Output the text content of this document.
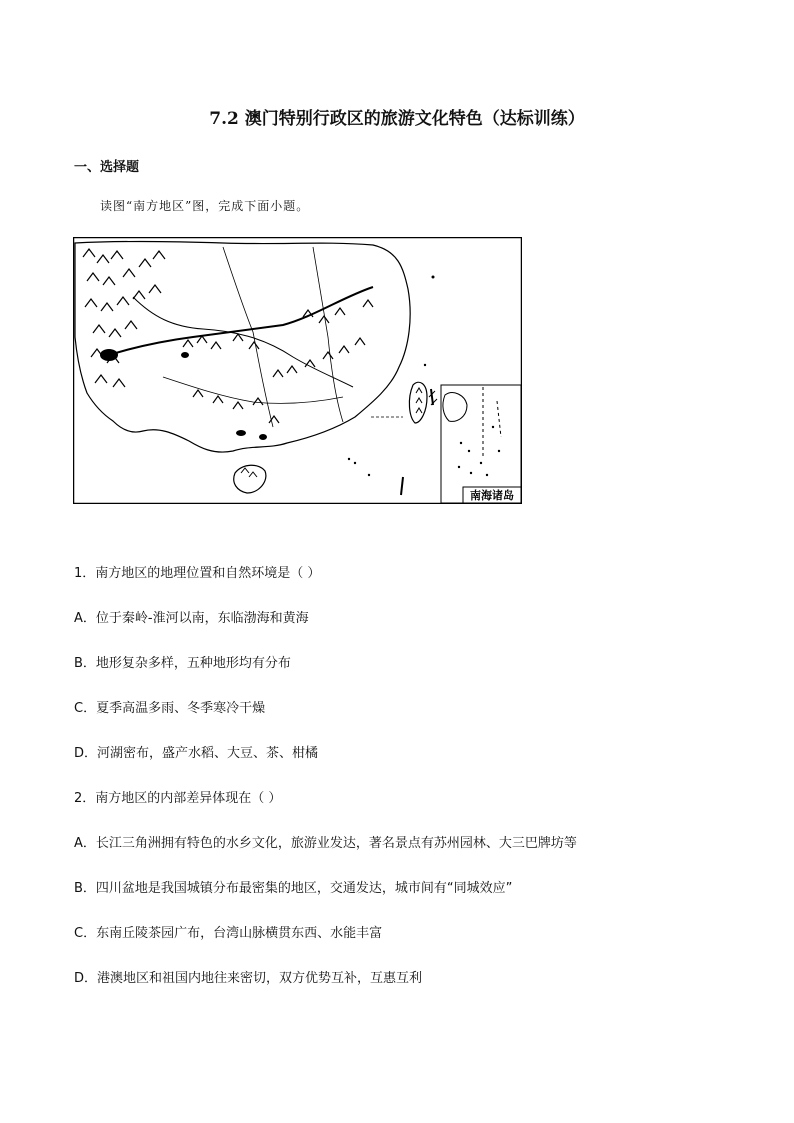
7.2 澳门特别行政区的旅游文化特色（达标训练）
一、选择题
读图“南方地区”图，完成下面小题。
南海诸岛
1．南方地区的地理位置和自然环境是（ ）
A．位于秦岭-淮河以南，东临渤海和黄海
B．地形复杂多样，五种地形均有分布
C．夏季高温多雨、冬季寒冷干燥
D．河湖密布，盛产水稻、大豆、茶、柑橘
2．南方地区的内部差异体现在（ ）
A．长江三角洲拥有特色的水乡文化，旅游业发达，著名景点有苏州园林、大三巴牌坊等
B．四川盆地是我国城镇分布最密集的地区，交通发达，城市间有“同城效应”
C．东南丘陵茶园广布，台湾山脉横贯东西、水能丰富
D．港澳地区和祖国内地往来密切，双方优势互补，互惠互利
